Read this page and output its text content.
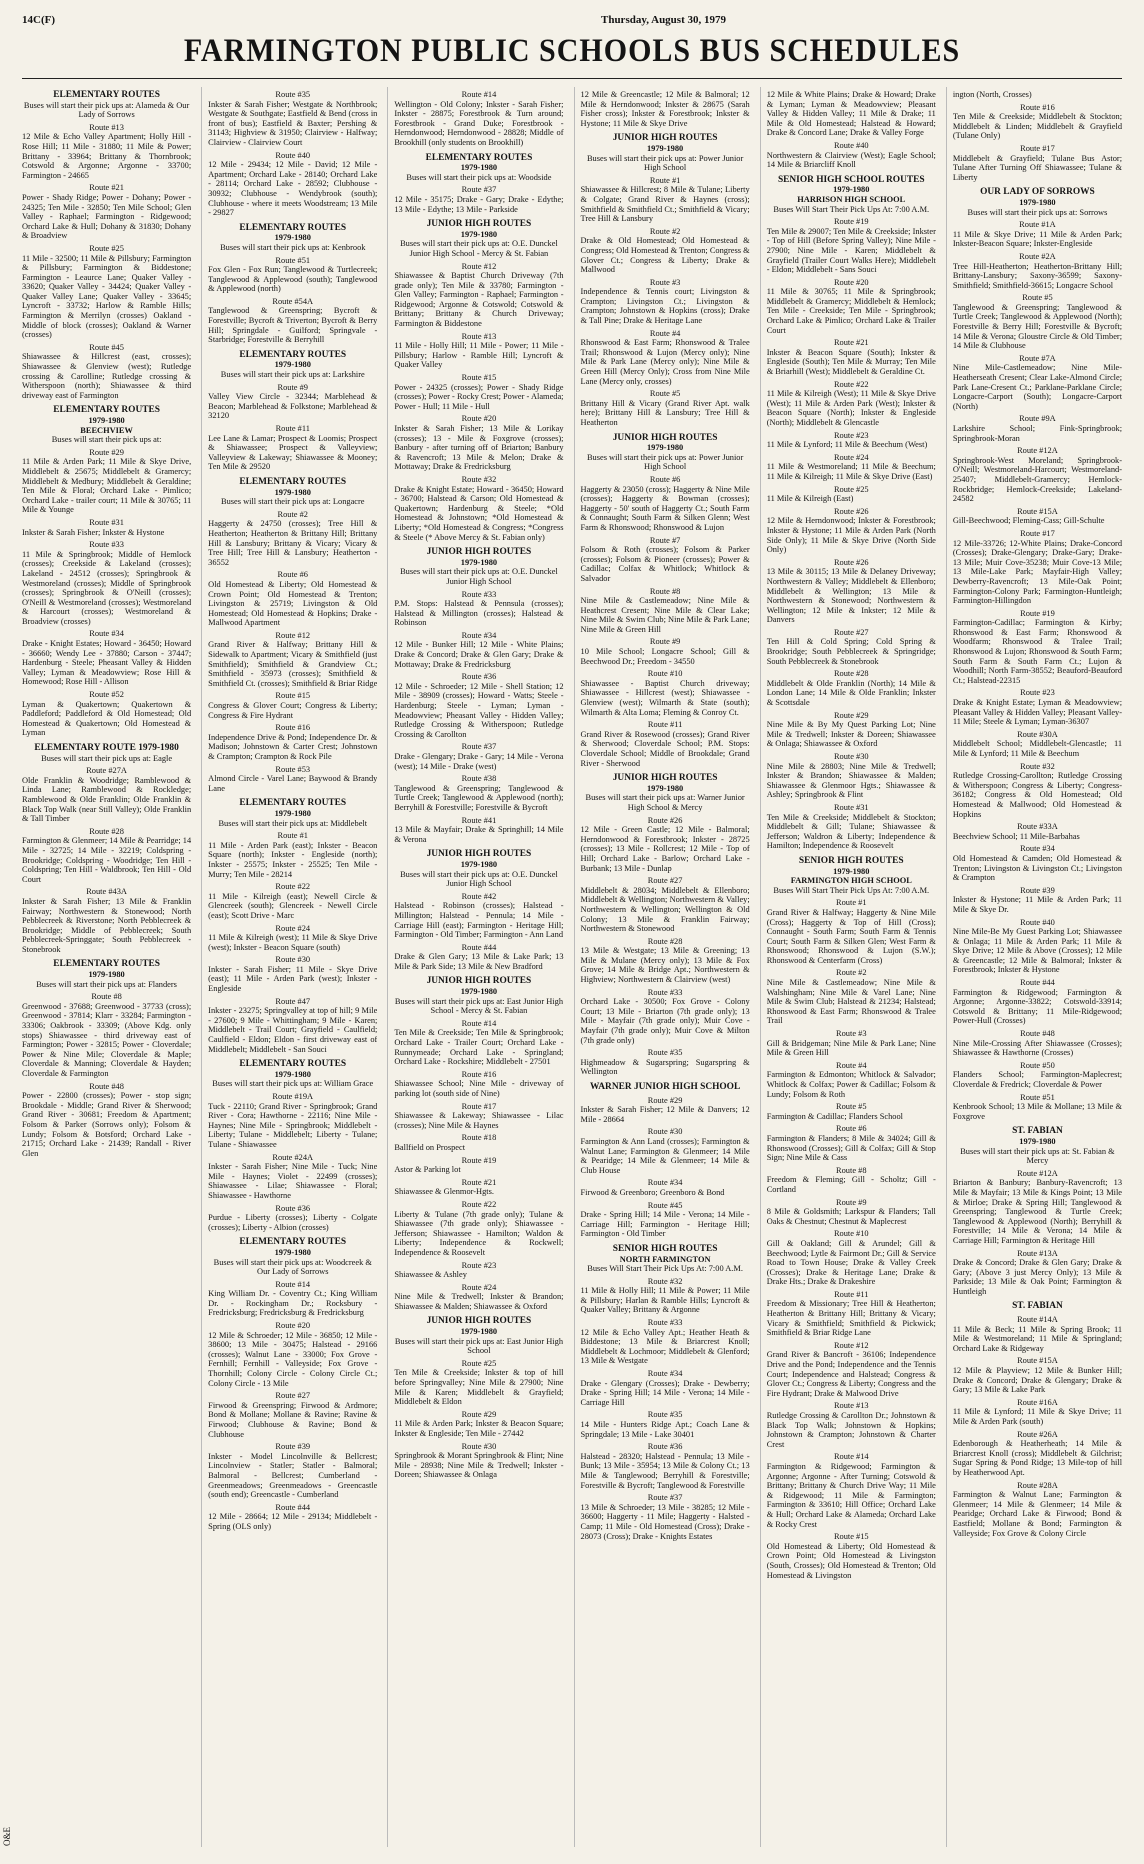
14C(F)	Thursday, August 30, 1979
FARMINGTON PUBLIC SCHOOLS BUS SCHEDULES
ELEMENTARY ROUTES
Buses will start their pick ups at: Alameda & Our Lady of Sorrows
Route #13
12 Mile & Echo Valley Apartment; Holly Hill - Rose Hill; 11 Mile - 31880; 11 Mile & Power; Brittany - 33964; Brittany & Thornbrook; Cotswold & Argonne; Argonne - 33700; Farmington - 24665
Route #21
Power - Shady Ridge; Power - Dohany; Power - 24325; Ten Mile - 32850; Ten Mile School; Glen Valley - Raphael; Farmington - Ridgewood; Orchard Lake & Hull; Dohany & 31830; Dohany & Broadview
Route #25
11 Mile - 32500; 11 Mile & Pillsbury; Farmington & Pillsbury; Farmington & Biddestone; Farmington - Leaurce Lane; Quaker Valley - 33620; Quaker Valley - 34424; Quaker Valley - Quaker Valley Lane; Quaker Valley - 33645; Lyncroft - 33732; Harlow & Ramble Hills; Farmington & Merrilyn (crosses) Oakland - Middle of block (crosses); Oakland & Warner (crosses)
Route #45
Shiawassee & Hillcrest (east, crosses); Shiawassee & Glenview (west); Rutledge crossing & Carolline; Rutledge crossing & Witherspoon (north); Shiawassee & third driveway east of Farmington
ELEMENTARY ROUTES
1979-1980
BEECHVIEW
Buses will start their pick ups at:
Route #29
11 Mile & Arden Park; 11 Mile & Skye Drive, Middlebelt & 25675; Middlebelt & Gramercy; Middlebelt & Medbury; Middlebelt & Geraldine; Ten Mile & Floral; Orchard Lake - Pimlico; Orchard Lake - trailer court; 11 Mile & 30765; 11 Mile & Younge
Route #31
Inkster & Sarah Fisher; Inkster & Hystone
Route #33
11 Mile & Springbrook; Middle of Hemlock (crosses); Creekside & Lakeland (crosses); Lakeland - 24512 (crosses); Springbrook & Westmoreland (crosses); Middle of Springbrook (crosses); Springbrook & O'Neill (crosses); O'Neill & Westmoreland (crosses); Westmoreland & Harcourt (crosses); Westmoreland & Broadview (crosses)
Route #34
Drake - Knight Estates; Howard - 36450; Howard - 36660; Wendy Lee - 37880; Carson - 37447; Hardenburg - Steele; Pheasant Valley & Hidden Valley; Lyman & Meadowview; Rose Hill & Homewood; Rose Hill - Allison
Route #52
Lyman & Quakertown; Quakertown & Paddleford; Paddleford & Old Homestead; Old Homestead & Quakertown; Old Homestead & Lyman
ELEMENTARY ROUTE 1979-1980
Buses will start their pick ups at: Eagle
Route #27A
Olde Franklin & Woodridge; Ramblewood & Linda Lane; Ramblewood & Rockledge; Ramblewood & Olde Franklin; Olde Franklin & Black Top Walk (near Still Valley); Olde Franklin & Tall Timber
Route #28
Farmington & Glenmeer; 14 Mile & Pearridge; 14 Mile - 32725; 14 Mile - 32219; Coldspring - Brookridge; Coldspring - Woodridge; Ten Hill - Coldspring; Ten Hill - Waldbrook; Ten Hill - Old Court
Route #43A
Inkster & Sarah Fisher; 13 Mile & Franklin Fairway; Northwestern & Stonewood; North Pebblecreek & Riverstone; North Pebblecreek & Brookridge; Middle of Pebblecreek; South Pebblecreek-Springgate; South Pebblecreek - Stonebrook
ELEMENTARY ROUTES
1979-1980
Buses will start their pick ups at: Flanders
Route #8
Greenwood - 37688; Greenwood - 37733 (cross); Greenwood - 37814; Klarr - 33284; Farmington - 33306; Oakbrook - 33309; (Above Kdg. only stops) Shiawassee - third driveway east of Farmington; Power - 32815; Power - Cloverdale; Power & Nine Mile; Cloverdale & Maple; Cloverdale & Manning; Cloverdale & Hayden; Cloverdale & Farmington
Route #48
Power - 22800 (crosses); Power - stop sign; Brookdale - Middle; Grand River & Sherwood; Grand River - 30681; Freedom & Apartment; Folsom & Parker (Sorrows only); Folsom & Lundy; Folsom & Botsford; Orchard Lake - 21715; Orchard Lake - 21439; Randall - River Glen
Route #35
Inkster & Sarah Fisher; Westgate & Northbrook; Westgate & Southgate; Eastfield & Bend (cross in front of bus); Eastfield & Baxter; Pershing & 31143; Highview & 31950; Clairview - Halfway; Clairview - Clairview Court
Route #40
12 Mile - 29434; 12 Mile - David; 12 Mile - Apartment; Orchard Lake - 28140; Orchard Lake - 28114; Orchard Lake - 28592; Clubhouse - 30932; Clubhouse - Wendybrook (south); Clubhouse - where it meets Woodstream; 13 Mile - 29827
ELEMENTARY ROUTES
1979-1980
Buses will start their pick ups at: Kenbrook
Route #51
Fox Glen - Fox Run; Tanglewood & Turtlecreek; Tanglewood & Applewood (south); Tanglewood & Applewood (north)
Route #54A
Tanglewood & Greenspring; Bycroft & Forestville; Bycroft & Triverton; Bycroft & Berry Hill; Springdale - Guilford; Springvale - Starbridge; Forestville & Berryhill
ELEMENTARY ROUTES
1979-1980
Buses will start their pick ups at: Larkshire
Route #9
Valley View Circle - 32344; Marblehead & Beacon; Marblehead & Folkstone; Marblehead & 32120
Route #11
Lee Lane & Lamar; Prospect & Loomis; Prospect & Shiawassee; Prospect & Valleyview; Valleyview & Lakeway; Shiawassee & Mooney; Ten Mile & 29520
ELEMENTARY ROUTES
1979-1980
Buses will start their pick ups at: Longacre
Route #2
Haggerty & 24750 (crosses); Tree Hill & Heatherton; Heatherton & Brittany Hill; Brittany Hill & Lansbury; Brittany & Vicary; Vicary & Tree Hill; Tree Hill & Lansbury; Heatherton - 36552
Route #6
Old Homestead & Liberty; Old Homestead & Crown Point; Old Homestead & Trenton; Livingston & 25719; Livingston & Old Homestead; Old Homestead & Hopkins; Drake - Mallwood Apartment
Route #12
Grand River & Halfway; Brittany Hill & Sidewalk to Apartment; Vicary & Smithfield (just Smithfield); Smithfield & Grandview Ct.; Smithfield - 35973 (crosses); Smithfield & Smithfield Ct. (crosses); Smithfield & Briar Ridge
Route #15
Congress & Glover Court; Congress & Liberty; Congress & Fire Hydrant
Route #16
Independence Drive & Pond; Independence Dr. & Madison; Johnstown & Carter Crest; Johnstown & Crampton; Crampton & Rock Pile
Route #53
Almond Circle - Varel Lane; Baywood & Brandy Lane
ELEMENTARY ROUTES
1979-1980
Buses will start their pick ups at: Middlebelt
Route #1
11 Mile - Arden Park (east); Inkster - Beacon Square (north); Inkster - Engleside (north); Inkster - 25575; Inkster - 25525; Ten Mile - Murry; Ten Mile - 28214
Route #22
11 Mile - Kilreigh (east); Newell Circle & Glencreek (south); Glencreek - Newell Circle (east); Scott Drive - Marc
Route #24
11 Mile & Kilreigh (west); 11 Mile & Skye Drive (west); Inkster - Beacon Square (south)
Route #30
Inkster - Sarah Fisher; 11 Mile - Skye Drive (east); 11 Mile - Arden Park (west); Inkster - Engleside
Route #47
Inkster - 23275; Springvalley at top of hill; 9 Mile - 27600; 9 Mile - Whittingham; 9 Mile - Karen; Middlebelt - Trail Court; Grayfield - Caulfield; Caulfield - Eldon; Eldon - first driveway east of Middlebelt; Middlebelt - San Souci
ELEMENTARY ROUTES
1979-1980
Buses will start their pick ups at: William Grace
Route #19A
Tuck - 22110; Grand River - Springbrook; Grand River - Cora; Hawthorne - 22116; Nine Mile - Haynes; Nine Mile - Springbrook; Middlebelt - Liberty; Tulane - Middlebelt; Liberty - Tulane; Tulane - Shiawassee
Route #24A
Inkster - Sarah Fisher; Nine Mile - Tuck; Nine Mile - Haynes; Violet - 22499 (crosses); Shiawassee - Lilae; Shiawassee - Floral; Shiawassee - Hawthorne
Route #36
Purdue - Liberty (crosses); Liberty - Colgate (crosses); Liberty - Albion (crosses)
ELEMENTARY ROUTES
1979-1980
Buses will start their pick ups at: Woodcreek & Our Lady of Sorrows
Route #14
King William Dr. - Coventry Ct.; King William Dr. - Rockingham Dr.; Rocksbury - Fredricksburg; Fredricksburg & Fredricksburg
Route #20
12 Mile & Schroeder; 12 Mile - 36850; 12 Mile - 38600; 13 Mile - 30475; Halstead - 29166 (crosses); Walnut Lane - 33000; Fox Grove - Fernhill; Fernhill - Valleyside; Fox Grove - Thornhill; Colony Circle - Colony Circle Ct.; Colony Circle - 13 Mile
Route #27
Firwood & Greenspring; Firwood & Ardmore; Bond & Mollane; Mollane & Ravine; Ravine & Firwood; Clubhouse & Ravine; Bond & Clubhouse
Route #39
Inkster - Model Lincolnville & Bellcrest; Lincolnview - Statler; Statler - Balmoral; Balmoral - Bellcrest; Cumberland - Greenmeadows; Greenmeadows - Greencastle (south end); Greencastle - Cumberland
Route #44
12 Mile - 28664; 12 Mile - 29134; Middlebelt - Spring (OLS only)
Route #14
Wellington - Old Colony; Inkster - Sarah Fisher; Inkster - 28875; Forestbrook & Turn around; Forestbrook - Grand Duke; Forestbrook - Herndonwood; Herndonwood - 28828; Middle of Brookhill (only students on Brookhill)
ELEMENTARY ROUTES
1979-1980
Buses will start their pick ups at: Woodside
Route #37
12 Mile - 35175; Drake - Gary; Drake - Edythe; 13 Mile - Edythe; 13 Mile - Parkside
JUNIOR HIGH ROUTES
1979-1980
Buses will start their pick ups at: O.E. Dunckel Junior High School - Mercy & St. Fabian
Route #12
Shiawassee & Baptist Church Driveway (7th grade only); Ten Mile & 33780; Farmington - Glen Valley; Farmington - Raphael; Farmington - Ridgewood; Argonne & Cotswold; Cotswold & Brittany; Brittany & Church Driveway; Farmington & Biddestone
Route #13
11 Mile - Holly Hill; 11 Mile - Power; 11 Mile - Pillsbury; Harlow - Ramble Hill; Lyncroft & Quaker Valley
Route #15
Power - 24325 (crosses); Power - Shady Ridge (crosses); Power - Rocky Crest; Power - Alameda; Power - Hull; 11 Mile - Hull
Route #20
Inkster & Sarah Fisher; 13 Mile & Lorikay (crosses); 13 - Mile & Foxgrove (crosses); Banbury - after turning off of Briarton; Banbury & Ravencroft; 13 Mile & Melon; Drake & Mottaway; Drake & Fredricksburg
Route #32
Drake & Knight Estate; Howard - 36450; Howard - 36700; Halstead & Carson; Old Homestead & Quakertown; Hardenburg & Steele; *Old Homestead & Johnstown; *Old Homestead & Liberty; *Old Homestead & Congress; *Congress & Steele (* Above Mercy & St. Fabian only)
JUNIOR HIGH ROUTES
1979-1980
Buses will start their pick ups at: O.E. Dunckel Junior High School
Route #33
P.M. Stops: Halstead & Pennsula (crosses); Halstead & Millington (crosses); Halstead & Robinson
Route #34
12 Mile - Bunker Hill; 12 Mile - White Plains; Drake & Concord; Drake & Glen Gary; Drake & Mottaway; Drake & Fredricksburg
Route #36
12 Mile - Schroeder; 12 Mile - Shell Station; 12 Mile - 38909 (crosses); Howard - Watts; Steele - Hardenburg; Steele - Lyman; Lyman - Meadowview; Pheasant Valley - Hidden Valley; Rutledge Crossing & Witherspoon; Rutledge Crossing & Carollton
Route #37
Drake - Glengary; Drake - Gary; 14 Mile - Verona (west); 14 Mile - Drake (west)
Route #38
Tanglewood & Greenspring; Tanglewood & Turtle Creek; Tanglewood & Applewood (north); Berryhill & Forestville; Forestville & Bycroft
Route #41
13 Mile & Mayfair; Drake & Springhill; 14 Mile & Verona
JUNIOR HIGH ROUTES
1979-1980
Buses will start their pick ups at: O.E. Dunckel Junior High School
Route #42
Halstead - Robinson (crosses); Halstead - Millington; Halstead - Pennula; 14 Mile - Carriage Hill (east); Farmington - Heritage Hill; Farmington - Old Timber; Farmington - Ann Land
Route #44
Drake & Glen Gary; 13 Mile & Lake Park; 13 Mile & Park Side; 13 Mile & New Bradford
JUNIOR HIGH ROUTES
1979-1980
Buses will start their pick ups at: East Junior High School - Mercy & St. Fabian
Route #14
Ten Mile & Creekside; Ten Mile & Springbrook; Orchard Lake - Trailer Court; Orchard Lake - Runnymeade; Orchard Lake - Springland; Orchard Lake - Rockshire; Middlebelt - 27501
Route #16
Shiawassee School; Nine Mile - driveway of parking lot (south side of Nine)
Route #17
Shiawassee & Lakeway; Shiawassee - Lilac (crosses); Nine Mile & Haynes
Route #18
Ballfield on Prospect
Route #19
Astor & Parking lot
Route #21
Shiawassee & Glenmor-Hgts.
Route #22
Liberty & Tulane (7th grade only); Tulane & Shiawassee (7th grade only); Shiawassee - Jefferson; Shiawassee - Hamilton; Waldon & Liberty; Independence & Rockwell; Independence & Roosevelt
Route #23
Shiawassee & Ashley
Route #24
Nine Mile & Tredwell; Inkster & Brandon; Shiawassee & Malden; Shiawassee & Oxford
JUNIOR HIGH ROUTES
1979-1980
Buses will start their pick ups at: East Junior High School
Route #25
Ten Mile & Creekside; Inkster & top of hill before Springvalley; Nine Mile & 27900; Nine Mile & Karen; Middlebelt & Grayfield; Middlebelt & Eldon
Route #29
11 Mile & Arden Park; Inkster & Beacon Square; Inkster & Engleside; Ten Mile - 27442
Route #30
Springbrook & Morant Springbrook & Flint; Nine Mile - 28938; Nine Mile & Tredwell; Inkster - Doreen; Shiawassee & Onlaga
12 Mile & Greencastle; 12 Mile & Balmoral; 12 Mile & Herndonwood; Inkster & 28675 (Sarah Fisher cross); Inkster & Forestbrook; Inkster & Hystone; 11 Mile & Skye Drive
JUNIOR HIGH ROUTES
1979-1980
Buses will start their pick ups at: Power Junior High School
Route #1
Shiawassee & Hillcrest; 8 Mile & Tulane; Liberty & Colgate; Grand River & Haynes (cross); Smithfield & Smithfield Ct.; Smithfield & Vicary; Tree Hill & Lansbury
Route #2
Drake & Old Homestead; Old Homestead & Congress; Old Homestead & Trenton; Congress & Glover Ct.; Congress & Liberty; Drake & Mallwood
Route #3
Independence & Tennis court; Livingston & Crampton; Livingston Ct.; Livingston & Crampton; Johnstown & Hopkins (cross); Drake & Tall Pine; Drake & Heritage Lane
Route #4
Rhonswood & East Farm; Rhonswood & Tralee Trail; Rhonswood & Lujon (Mercy only); Nine Mile & Park Lane (Mercy only); Nine Mile & Green Hill (Mercy Only); Cross from Nine Mile Lane (Mercy only, crosses)
Route #5
Brittany Hill & Vicary (Grand River Apt. walk here); Brittany Hill & Lansbury; Tree Hill & Heatherton
JUNIOR HIGH ROUTES
1979-1980
Buses will start their pick ups at: Power Junior High School
Route #6
Haggerty & 23050 (cross); Haggerty & Nine Mile (crosses); Haggerty & Bowman (crosses); Haggerty - 50' south of Haggerty Ct.; South Farm & Connaught; South Farm & Silken Glenn; West Farm & Rhonswood; Rhonswood & Lujon
Route #7
Folsom & Roth (crosses); Folsom & Parker (crosses); Folsom & Pioneer (crosses); Power & Cadillac; Colfax & Whitlock; Whitlock & Salvador
Route #8
Nine Mile & Castlemeadow; Nine Mile & Heathcrest Cresent; Nine Mile & Clear Lake; Nine Mile & Swim Club; Nine Mile & Park Lane; Nine Mile & Green Hill
Route #9
10 Mile School; Longacre School; Gill & Beechwood Dr.; Freedom - 34550
Route #10
Shiawassee - Baptist Church driveway; Shiawassee - Hillcrest (west); Shiawassee - Glenview (west); Wilmarth & State (south); Wilmarth & Alta Loma; Fleming & Conroy Ct.
Route #11
Grand River & Rosewood (crosses); Grand River & Sherwood; Cloverdale School; P.M. Stops: Cloverdale School; Middle of Brookdale; Grand River - Sherwood
JUNIOR HIGH ROUTES
1979-1980
Buses will start their pick ups at: Warner Junior High School & Mercy
Route #26
12 Mile - Green Castle; 12 Mile - Balmoral; Herndonwood & Forestbrook; Inkster - 28725 (crosses); 13 Mile - Rollcrest; 12 Mile - Top of Hill; Orchard Lake - Barlow; Orchard Lake - Burbank; 13 Mile - Dunlap
Route #27
Middlebelt & 28034; Middlebelt & Ellenboro; Middlebelt & Wellington; Northwestern & Valley; Northwestern & Wellington; Wellington & Old Colony; 13 Mile & Franklin Fairway; Northwestern & Stonewood
Route #28
13 Mile & Westgate; 13 Mile & Greening; 13 Mile & Mulane (Mercy only); 13 Mile & Fox Grove; 14 Mile & Bridge Apt.; Northwestern & Highview; Northwestern & Clairview (west)
Route #33
Orchard Lake - 30500; Fox Grove - Colony Court; 13 Mile - Briarton (7th grade only); 13 Mile - Mayfair (7th grade only); Muir Cove - Mayfair (7th grade only); Muir Cove & Milton (7th grade only)
Route #35
Highmeadow & Sugarspring; Sugarspring & Wellington
WARNER JUNIOR HIGH SCHOOL
Route #29
Inkster & Sarah Fisher; 12 Mile & Danvers; 12 Mile - 28664
Route #30
Farmington & Ann Land (crosses); Farmington & Walnut Lane; Farmington & Glenmeer; 14 Mile & Pearidge; 14 Mile & Glenmeer; 14 Mile & Club House
Route #34
Firwood & Greenboro; Greenboro & Bond
Route #45
Drake - Spring Hill; 14 Mile - Verona; 14 Mile - Carriage Hill; Farmington - Heritage Hill; Farmington - Old Timber
SENIOR HIGH ROUTES
NORTH FARMINGTON
Buses Will Start Their Pick Ups At: 7:00 A.M.
Route #32
11 Mile & Holly Hill; 11 Mile & Power; 11 Mile & Pillsbury; Harlan & Ramble Hills; Lyncroft & Quaker Valley; Brittany & Argonne
Route #33
12 Mile & Echo Valley Apt.; Heather Heath & Biddestone; 13 Mile & Briarcrest Knoll; Middlebelt & Lochmoor; Middlebelt & Glenford; 13 Mile & Westgate
Route #34
Drake - Glengary (Crosses); Drake - Dewberry; Drake - Spring Hill; 14 Mile - Verona; 14 Mile - Carriage Hill
Route #35
14 Mile - Hunters Ridge Apt.; Coach Lane & Springdale; 13 Mile - Lake 30401
Route #36
Halstead - 28320; Halstead - Pennula; 13 Mile - Bunk; 13 Mile - 35954; 13 Mile & Colony Ct.; 13 Mile & Tanglewood; Berryhill & Forestville; Forestville & Bycroft; Tanglewood & Forestville
Route #37
13 Mile & Schroeder; 13 Mile - 38285; 12 Mile - 36600; Haggerty - 11 Mile; Haggerty - Halsted - Camp; 11 Mile - Old Homestead (Cross); Drake - 28073 (Cross); Drake - Knights Estates
12 Mile & White Plains; Drake & Howard; Drake & Lyman; Lyman & Meadowview; Pleasant Valley & Hidden Valley; 11 Mile & Drake; 11 Mile & Old Homestead; Halstead & Howard; Drake & Concord Lane; Drake & Valley Forge
Route #40
Northwestern & Clairview (West); Eagle School; 14 Mile & Briarcliff Knoll
SENIOR HIGH SCHOOL ROUTES
1979-1980
HARRISON HIGH SCHOOL
Buses Will Start Their Pick Ups At: 7:00 A.M.
Route #19
Ten Mile & 29007; Ten Mile & Creekside; Inkster - Top of Hill (Before Spring Valley); Nine Mile - 27900; Nine Mile - Karen; Middlebelt & Grayfield (Trailer Court Walks Here); Middlebelt - Eldon; Middlebelt - Sans Souci
Route #20
11 Mile & 30765; 11 Mile & Springbrook; Middlebelt & Gramercy; Middlebelt & Hemlock; Ten Mile - Creekside; Ten Mile - Springbrook; Orchard Lake & Pimlico; Orchard Lake & Trailer Court
Route #21
Inkster & Beacon Square (South); Inkster & Engleside (South); Ten Mile & Murray; Ten Mile & Briarhill (West); Middlebelt & Geraldine Ct.
Route #22
11 Mile & Kilreigh (West); 11 Mile & Skye Drive (West); 11 Mile & Arden Park (West); Inkster & Beacon Square (North); Inkster & Engleside (North); Middlebelt & Glencastle
Route #23
11 Mile & Lynford; 11 Mile & Beechum (West)
Route #24
11 Mile & Westmoreland; 11 Mile & Beechum; 11 Mile & Kilreigh; 11 Mile & Skye Drive (East)
Route #25
11 Mile & Kilreigh (East)
Route #26
12 Mile & Herndonwood; Inkster & Forestbrook; Inkster & Hystone; 11 Mile & Arden Park (North Side Only); 11 Mile & Skye Drive (North Side Only)
Route #26
13 Mile & 30115; 13 Mile & Delaney Driveway; Northwestern & Valley; Middlebelt & Ellenboro; Middlebelt & Wellington; 13 Mile & Northwestern & Stonewood; Northwestern & Wellington; 12 Mile & Inkster; 12 Mile & Danvers
Route #27
Ten Hill & Cold Spring; Cold Spring & Brookridge; South Pebblecreek & Springridge; South Pebblecreek & Stonebrook
Route #28
Middlebelt & Olde Franklin (North); 14 Mile & London Lane; 14 Mile & Olde Franklin; Inkster & Scottsdale
Route #29
Nine Mile & By My Quest Parking Lot; Nine Mile & Tredwell; Inkster & Doreen; Shiawassee & Onlaga; Shiawassee & Oxford
Route #30
Nine Mile & 28803; Nine Mile & Tredwell; Inkster & Brandon; Shiawassee & Malden; Shiawassee & Glenmoor Hgts.; Shiawassee & Ashley; Springbrook & Flint
Route #31
Ten Mile & Creekside; Middlebelt & Stockton; Middlebelt & Gill; Tulane; Shiawassee & Jefferson; Waldron & Liberty; Independence & Hamilton; Independence & Roosevelt
SENIOR HIGH ROUTES
1979-1980
FARMINGTON HIGH SCHOOL
Buses Will Start Their Pick Ups At: 7:00 A.M.
Route #1
Grand River & Halfway; Haggerty & Nine Mile (Cross); Haggerty & Top of Hill (Cross); Connaught - South Farm; South Farm & Tennis Court; South Farm & Silken Glen; West Farm & Rhonswood; Rhonswood & Lujon (S.W.); Rhonswood & Centerfarm (Cross)
Route #2
Nine Mile & Castlemeadow; Nine Mile & Walshingham; Nine Mile & Varel Lane; Nine Mile & Swim Club; Halstead & 21234; Halstead; Rhonswood & East Farm; Rhonswood & Tralee Trail
Route #3
Gill & Bridgeman; Nine Mile & Park Lane; Nine Mile & Green Hill
Route #4
Farmington & Edmonton; Whitlock & Salvador; Whitlock & Colfax; Power & Cadillac; Folsom & Lundy; Folsom & Roth
Route #5
Farmington & Cadillac; Flanders School
Route #6
Farmington & Flanders; 8 Mile & 34024; Gill & Rhonswood (Crosses); Gill & Colfax; Gill & Stop Sign; Nine Mile & Cass
Route #8
Freedom & Fleming; Gill - Scholtz; Gill - Cortland
Route #9
8 Mile & Goldsmith; Larkspur & Flanders; Tall Oaks & Chestnut; Chestnut & Maplecrest
Route #10
Gill & Oakland; Gill & Arundel; Gill & Beechwood; Lytle & Fairmont Dr.; Gill & Service Road to Town House; Drake & Valley Creek (Crosses); Drake & Heritage Lane; Drake & Drake Hts.; Drake & Drakeshire
Route #11
Freedom & Missionary; Tree Hill & Heatherton; Heatherton & Brittany Hill; Brittany & Vicary; Vicary & Smithfield; Smithfield & Pickwick; Smithfield & Briar Ridge Lane
Route #12
Grand River & Bancroft - 36106; Independence Drive and the Pond; Independence and the Tennis Court; Independence and Halstead; Congress & Glover Ct.; Congress & Liberty; Congress and the Fire Hydrant; Drake & Malwood Drive
Route #13
Rutledge Crossing & Carollton Dr.; Johnstown & Black Top Walk; Johnstown & Hopkins; Johnstown & Crampton; Johnstown & Charter Crest
Route #14
Farmington & Ridgewood; Farmington & Argonne; Argonne - After Turning; Cotswold & Brittany; Brittany & Church Drive Way; 11 Mile & Ridgewood; 11 Mile & Farmington; Farmington & 33610; Hill Office; Orchard Lake & Hull; Orchard Lake & Alameda; Orchard Lake & Rocky Crest
Route #15
Old Homestead & Liberty; Old Homestead & Crown Point; Old Homestead & Livingston (South, Crosses); Old Homestead & Trenton; Old Homestead & Livingston
ington (North, Crosses)
Route #16
Ten Mile & Creekside; Middlebelt & Stockton; Middlebelt & Linden; Middlebelt & Grayfield (Tulane Only)
Route #17
Middlebelt & Grayfield; Tulane Bus Astor; Tulane After Turning Off Shiawassee; Tulane & Liberty
OUR LADY OF SORROWS
1979-1980
Buses will start their pick ups at: Sorrows
Route #1A
11 Mile & Skye Drive; 11 Mile & Arden Park; Inkster-Beacon Square; Inkster-Engleside
Route #2A
Tree Hill-Heatherton; Heatherton-Brittany Hill; Brittany-Lansbury; Saxony-36599; Saxony-Smithfield; Smithfield-36615; Longacre School
Route #5
Tanglewood & Greenspring; Tanglewood & Turtle Creek; Tanglewood & Applewood (North); Forestville & Berry Hill; Forestville & Bycroft; 14 Mile & Verona; Gloustre Circle & Old Timber; 14 Mile & Clubhouse
Route #7A
Nine Mile-Castlemeadow; Nine Mile-Heatherseath Cresent; Clear Lake-Almond Circle; Park Lane-Cresent Ct.; Parklane-Parklane Circle; Longacre-Carport (South); Longacre-Carport (North)
Route #9A
Larkshire School; Fink-Springbrook; Springbrook-Moran
Route #12A
Springbrook-West Moreland; Springbrook-O'Neill; Westmoreland-Harcourt; Westmoreland-25407; Middlebelt-Gramercy; Hemlock-Rockbridge; Hemlock-Creekside; Lakeland-24582
Route #15A
Gill-Beechwood; Fleming-Cass; Gill-Schulte
Route #17
12 Mile-33726; 12-White Plains; Drake-Concord (Crosses); Drake-Glengary; Drake-Gary; Drake-13 Mile; Muir Cove-35238; Muir Cove-13 Mile; 13 Mile-Lake Park; Mayfair-High Valley; Dewberry-Ravencroft; 13 Mile-Oak Point; Farmington-Colony Park; Farmington-Huntleigh; Farmington-Hillingdon
Route #19
Farmington-Cadillac; Farmington & Kirby; Rhonswood & East Farm; Rhonswood & Woodfarm; Rhonswood & Tralee Trail; Rhonswood & Lujon; Rhonswood & South Farm; South Farm & South Farm Ct.; Lujon & Woodhill; North Farm-38552; Beauford-Beauford Ct.; Halstead-22315
Route #23
Drake & Knight Estate; Lyman & Meadowview; Pleasant Valley & Hidden Valley; Pleasant Valley-11 Mile; Steele & Lyman; Lyman-36307
Route #30A
Middlebelt School; Middlebelt-Glencastle; 11 Mile & Lynford; 11 Mile & Beechum
Route #32
Rutledge Crossing-Carollton; Rutledge Crossing & Witherspoon; Congress & Liberty; Congress-36182; Congress & Old Homestead; Old Homestead & Mallwood; Old Homestead & Hopkins
Route #33A
Beechview School; 11 Mile-Barbahas
Route #34
Old Homestead & Camden; Old Homestead & Trenton; Livingston & Livingston Ct.; Livingston & Crampton
Route #39
Inkster & Hystone; 11 Mile & Arden Park; 11 Mile & Skye Dr.
Route #40
Nine Mile-Be My Guest Parking Lot; Shiawassee & Onlaga; 11 Mile & Arden Park; 11 Mile & Skye Drive; 12 Mile & Above (Crosses); 12 Mile & Greencastle; 12 Mile & Balmoral; Inkster & Forestbrook; Inkster & Hystone
Route #44
Farmington & Ridgewood; Farmington & Argonne; Argonne-33822; Cotswold-33914; Cotswold & Brittany; 11 Mile-Ridgewood; Power-Hull (Crosses)
Route #48
Nine Mile-Crossing After Shiawassee (Crosses); Shiawassee & Hawthorne (Crosses)
Route #50
Flanders School; Farmington-Maplecrest; Cloverdale & Fredrick; Cloverdale & Power
Route #51
Kenbrook School; 13 Mile & Mollane; 13 Mile & Foxgrove
ST. FABIAN
1979-1980
Buses will start their pick ups at: St. Fabian & Mercy
Route #12A
Briarton & Banbury; Banbury-Ravencroft; 13 Mile & Mayfair; 13 Mile & Kings Point; 13 Mile & Mirloe; Drake & Spring Hill; Tanglewood & Greenspring; Tanglewood & Turtle Creek; Tanglewood & Applewood (North); Berryhill & Forestville; 14 Mile & Verona; 14 Mile & Carriage Hill; Farmington & Heritage Hill
Route #13A
Drake & Concord; Drake & Glen Gary; Drake & Gary; (Above 3 just Mercy Only); 13 Mile & Parkside; 13 Mile & Oak Point; Farmington & Huntleigh
ST. FABIAN
Route #14A
11 Mile & Beck; 11 Mile & Spring Brook; 11 Mile & Westmoreland; 11 Mile & Springland; Orchard Lake & Ridgeway
Route #15A
12 Mile & Playview; 12 Mile & Bunker Hill; Drake & Concord; Drake & Glengary; Drake & Gary; 13 Mile & Lake Park
Route #16A
11 Mile & Lynford; 11 Mile & Skye Drive; 11 Mile & Arden Park (south)
Route #26A
Edenborough & Heatherheath; 14 Mile & Briarcrest Knoll (cross); Middlebelt & Gilchrist; Sugar Spring & Pond Ridge; 13 Mile-top of hill by Heatherwood Apt.
Route #28A
Farmington & Walnut Lane; Farmington & Glenmeer; 14 Mile & Glenmeer; 14 Mile & Pearidge; Orchard Lake & Firwood; Bond & Eastfield; Mollane & Bond; Farmington & Valleyside; Fox Grove & Colony Circle
O&E
